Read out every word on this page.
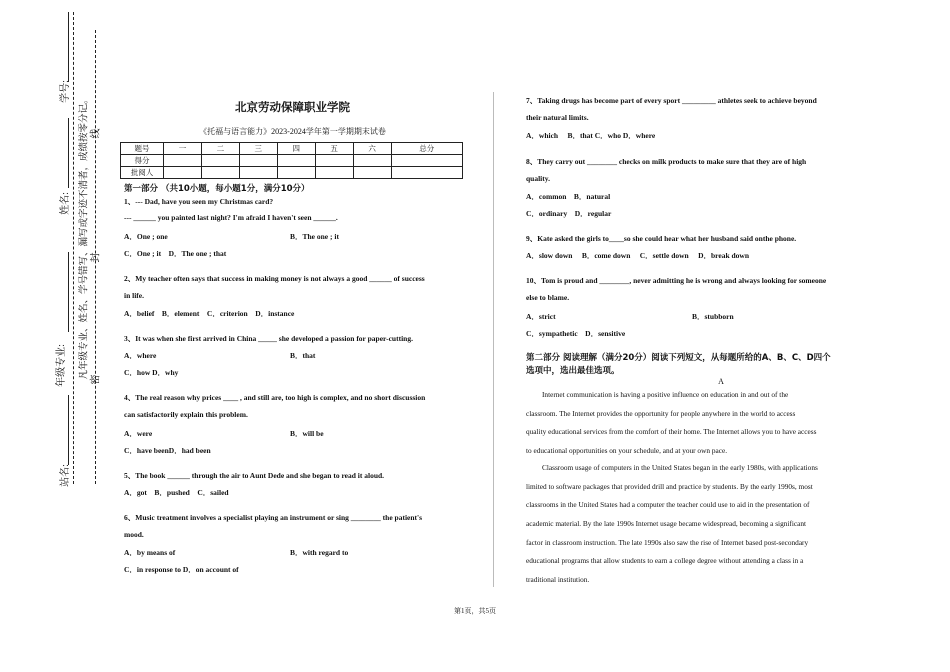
学号:
姓名:
年级专业:
站名:
凡年级专业、姓名、学号错写、漏写或字迹不清者，成绩按零分记。 密
封
线
北京劳动保障职业学院
《托福与语言能力》2023-2024学年第一学期期末试卷
题号	一	二	三	四	五	六	总分
得分							
批阅人							
第一部分 （共10小题，每小题1分，满分10分）
1、--- Dad, have you seen my Christmas card?
--- ______ you painted last night? I'm afraid I haven't seen ______.
A．One ; one	B．The one ; it
C．One ; it　D．The one ; that
2、My teacher often says that success in making money is not always a good ______ of success
in life.
A．belief　B．element　C．criterion　D．instance
3、It was when she first arrived in China _____ she developed a passion for paper-cutting.
A．where	B．that
C．how D．why
4、The real reason why prices ____ , and still are, too high is complex, and no short discussion
can satisfactorily explain this problem.
A．were	B．will be
C．have beenD．had been
5、The book ______ through the air to Aunt Dede and she began to read it aloud.
A．got　B．pushed　C．sailed
6、Music treatment involves a specialist playing an instrument or sing ________ the patient's
mood.
A．by means of	B．with regard to
C．in response to D．on account of
7、Taking drugs has become part of every sport _________ athletes seek to achieve beyond
their natural limits.
A．which　 B．that C．who D．where
8、They carry out ________ checks on milk products to make sure that they are of high
quality.
A．common　B．natural
C．ordinary　D．regular
9、Kate asked the girls to____so she could hear what her husband said onthe phone.
A．slow down　 B．come down　 C．settle down　 D．break down
10、Tom is proud and ________, never admitting he is wrong and always looking for someone
else to blame.
A．strict	B．stubborn
C．sympathetic　D．sensitive
第二部分 阅读理解（满分20分）阅读下列短文，从每题所给的A、B、C、D四个
选项中，选出最佳选项。
A
Internet communication is having a positive influence on education in and out of the
classroom. The Internet provides the opportunity for people anywhere in the world to access
quality educational services from the comfort of their home. The Internet allows you to have access
to educational opportunities on your schedule, and at your own pace.
Classroom usage of computers in the United States began in the early 1980s, with applications
limited to software packages that provided drill and practice by students. By the early 1990s, most
classrooms in the United States had a computer the teacher could use to aid in the presentation of
academic material. By the late 1990s Internet usage became widespread, becoming a significant
factor in classroom instruction. The late 1990s also saw the rise of Internet based post-secondary
educational programs that allow students to earn a college degree without attending a class in a
traditional institution.
第1页，共5页
